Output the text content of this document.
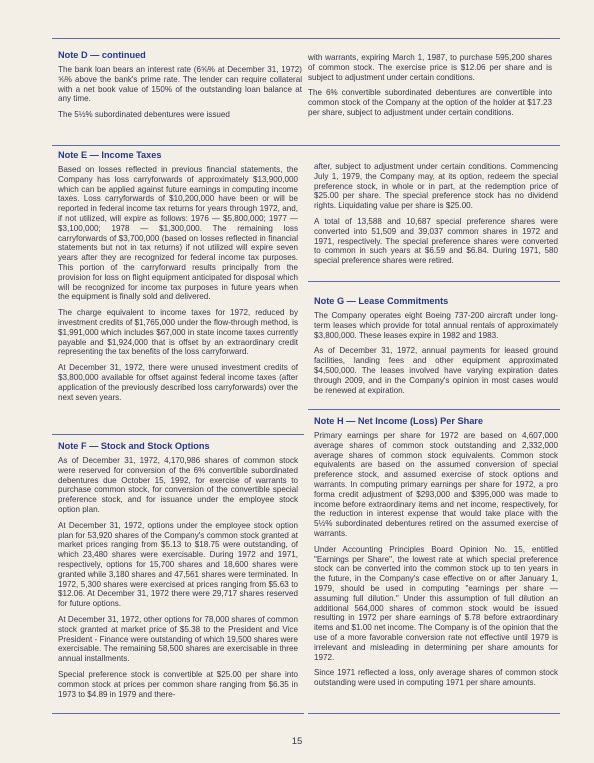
Note D — continued

The bank loan bears an interest rate (6⅝% at December 31, 1972) ⅝% above the bank's prime rate. The lender can require collateral with a net book value of 150% of the outstanding loan balance at any time.

The 5½% subordinated debentures were issued

with warrants, expiring March 1, 1987, to purchase 595,200 shares of common stock. The exercise price is $12.06 per share and is subject to adjustment under certain conditions.

The 6% convertible subordinated debentures are convertible into common stock of the Company at the option of the holder at $17.23 per share, subject to adjustment under certain conditions.

Note E — Income Taxes

Based on losses reflected in previous financial statements, the Company has loss carryforwards of approximately $13,900,000 which can be applied against future earnings in computing income taxes. Loss carryforwards of $10,200,000 have been or will be reported in federal income tax returns for years through 1972, and, if not utilized, will expire as follows: 1976 — $5,800,000; 1977 — $3,100,000; 1978 — $1,300,000. The remaining loss carryforwards of $3,700,000 (based on losses reflected in financial statements but not in tax returns) if not utilized will expire seven years after they are recognized for federal income tax purposes. This portion of the carryforward results principally from the provision for loss on flight equipment anticipated for disposal which will be recognized for income tax purposes in future years when the equipment is finally sold and delivered.

The charge equivalent to income taxes for 1972, reduced by investment credits of $1,765,000 under the flow-through method, is $1,991,000 which includes $67,000 in state income taxes currently payable and $1,924,000 that is offset by an extraordinary credit representing the tax benefits of the loss carryforward.

At December 31, 1972, there were unused investment credits of $3,800,000 available for offset against federal income taxes (after application of the previously described loss carryforwards) over the next seven years.

Note F — Stock and Stock Options

As of December 31, 1972, 4,170,986 shares of common stock were reserved for conversion of the 6% convertible subordinated debentures due October 15, 1992, for exercise of warrants to purchase common stock, for conversion of the convertible special preference stock, and for issuance under the employee stock option plan.

At December 31, 1972, options under the employee stock option plan for 53,920 shares of the Company's common stock granted at market prices ranging from $5.13 to $18.75 were outstanding, of which 23,480 shares were exercisable. During 1972 and 1971, respectively, options for 15,700 shares and 18,600 shares were granted while 3,180 shares and 47,561 shares were terminated. In 1972, 5,300 shares were exercised at prices ranging from $5.63 to $12.06. At December 31, 1972 there were 29,717 shares reserved for future options.

At December 31, 1972, other options for 78,000 shares of common stock granted at market price of $5.38 to the President and Vice President - Finance were outstanding of which 19,500 shares were exercisable. The remaining 58,500 shares are exercisable in three annual installments.

Special preference stock is convertible at $25.00 per share into common stock at prices per common share ranging from $6.35 in 1973 to $4.89 in 1979 and there-

after, subject to adjustment under certain conditions. Commencing July 1, 1979, the Company may, at its option, redeem the special preference stock, in whole or in part, at the redemption price of $25.00 per share. The special preference stock has no dividend rights. Liquidating value per share is $25.00.

A total of 13,588 and 10,687 special preference shares were converted into 51,509 and 39,037 common shares in 1972 and 1971, respectively. The special preference shares were converted to common in such years at $6.59 and $6.84. During 1971, 580 special preference shares were retired.

Note G — Lease Commitments

The Company operates eight Boeing 737-200 aircraft under long-term leases which provide for total annual rentals of approximately $3,800,000. These leases expire in 1982 and 1983.

As of December 31, 1972, annual payments for leased ground facilities, landing fees and other equipment approximated $4,500,000. The leases involved have varying expiration dates through 2009, and in the Company's opinion in most cases would be renewed at expiration.

Note H — Net Income (Loss) Per Share

Primary earnings per share for 1972 are based on 4,607,000 average shares of common stock outstanding and 2,332,000 average shares of common stock equivalents. Common stock equivalents are based on the assumed conversion of special preference stock, and assumed exercise of stock options and warrants. In computing primary earnings per share for 1972, a pro forma credit adjustment of $293,000 and $395,000 was made to income before extraordinary items and net income, respectively, for the reduction in interest expense that would take place with the 5½% subordinated debentures retired on the assumed exercise of warrants.

Under Accounting Principles Board Opinion No. 15, entitled "Earnings per Share", the lowest rate at which special preference stock can be converted into the common stock up to ten years in the future, in the Company's case effective on or after January 1, 1979, should be used in computing "earnings per share — assuming full dilution." Under this assumption of full dilution an additional 564,000 shares of common stock would be issued resulting in 1972 per share earnings of $.78 before extraordinary items and $1.00 net income. The Company is of the opinion that the use of a more favorable conversion rate not effective until 1979 is irrelevant and misleading in determining per share amounts for 1972.

Since 1971 reflected a loss, only average shares of common stock outstanding were used in computing 1971 per share amounts.

15
